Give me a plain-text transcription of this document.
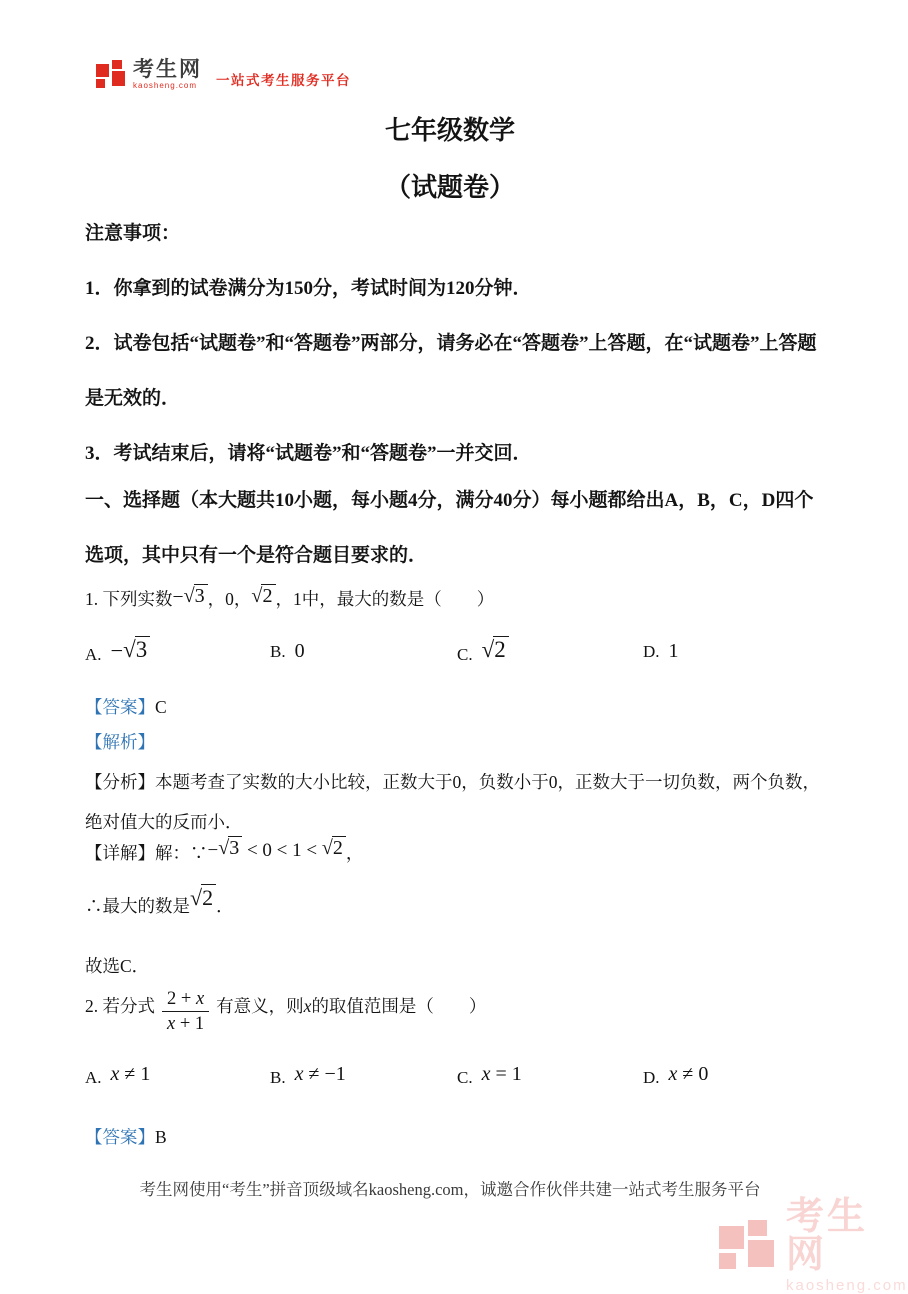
考生网
kaosheng.com	一站式考生服务平台
七年级数学
（试题卷）
注意事项：
1．你拿到的试卷满分为150分，考试时间为120分钟．
2．试卷包括“试题卷”和“答题卷”两部分，请务必在“答题卷”上答题，在“试题卷”上答题是无效的．
3．考试结束后，请将“试题卷”和“答题卷”一并交回．
一、选择题（本大题共10小题，每小题4分，满分40分）每小题都给出A，B，C，D四个选项，其中只有一个是符合题目要求的．
1. 下列实数−√3 ，0，√2 ，1中，最大的数是（　　）
A. −√3	B. 0	C. √2	D. 1
【答案】C
【解析】
【分析】本题考查了实数的大小比较，正数大于0，负数小于0，正数大于一切负数，两个负数，绝对值大的反而小．
【详解】解：∵−√3 < 0 < 1 < √2 ，
∴最大的数是√2 ．
故选C．
2. 若分式 $\frac{2 + x}{x + 1}$ 有意义，则x的取值范围是（　　）
A. x ≠ 1	B. x ≠ −1	C. x = 1	D. x ≠ 0
【答案】B
考生网使用“考生”拼音顶级域名kaosheng.com，诚邀合作伙伴共建一站式考生服务平台
考生网
kaosheng.com
